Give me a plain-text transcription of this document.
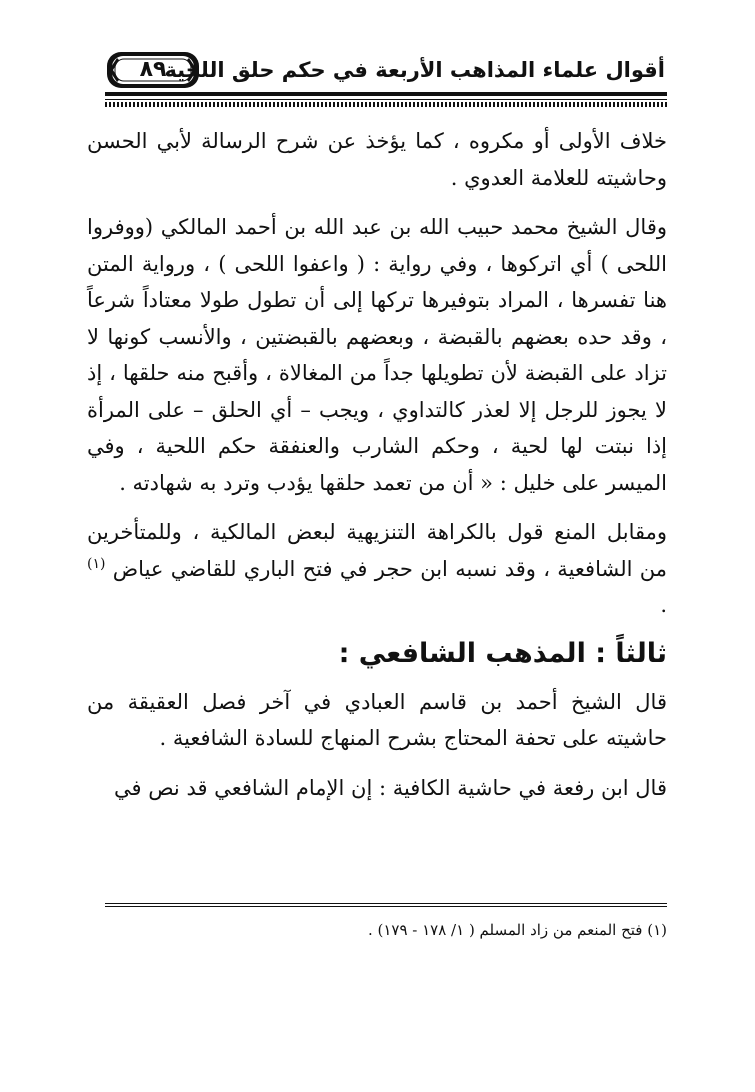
٨٩
أقوال علماء المذاهب الأربعة في حكم حلق اللحية

خلاف الأولى أو مكروه ، كما يؤخذ عن شرح الرسالة لأبي الحسن وحاشيته للعلامة العدوي .

وقال الشيخ محمد حبيب الله بن عبد الله بن أحمد المالكي (ووفروا اللحى ) أي اتركوها ، وفي رواية : ( واعفوا اللحى ) ، ورواية المتن هنا تفسرها ، المراد بتوفيرها تركها إلى أن تطول طولا معتاداً شرعاً ، وقد حده بعضهم بالقبضة ، وبعضهم بالقبضتين ، والأنسب كونها لا تزاد على القبضة لأن تطويلها جداً من المغالاة ، وأقبح منه حلقها ، إذ لا يجوز للرجل إلا لعذر كالتداوي ، ويجب – أي الحلق – على المرأة إذا نبتت لها لحية ، وحكم الشارب والعنفقة حكم اللحية ، وفي الميسر على خليل : « أن من تعمد حلقها يؤدب وترد به شهادته .

ومقابل المنع قول بالكراهة التنزيهية لبعض المالكية ، وللمتأخرين من الشافعية ، وقد نسبه ابن حجر في فتح الباري للقاضي عياض $^{(١)}$ .

ثالثاً : المذهب الشافعي :

قال الشيخ أحمد بن قاسم العبادي في آخر فصل العقيقة من حاشيته على تحفة المحتاج بشرح المنهاج للسادة الشافعية .

قال ابن رفعة في حاشية الكافية : إن الإمام الشافعي قد نص في

(١) فتح المنعم من زاد المسلم ( ١/ ١٧٨ - ١٧٩) .
